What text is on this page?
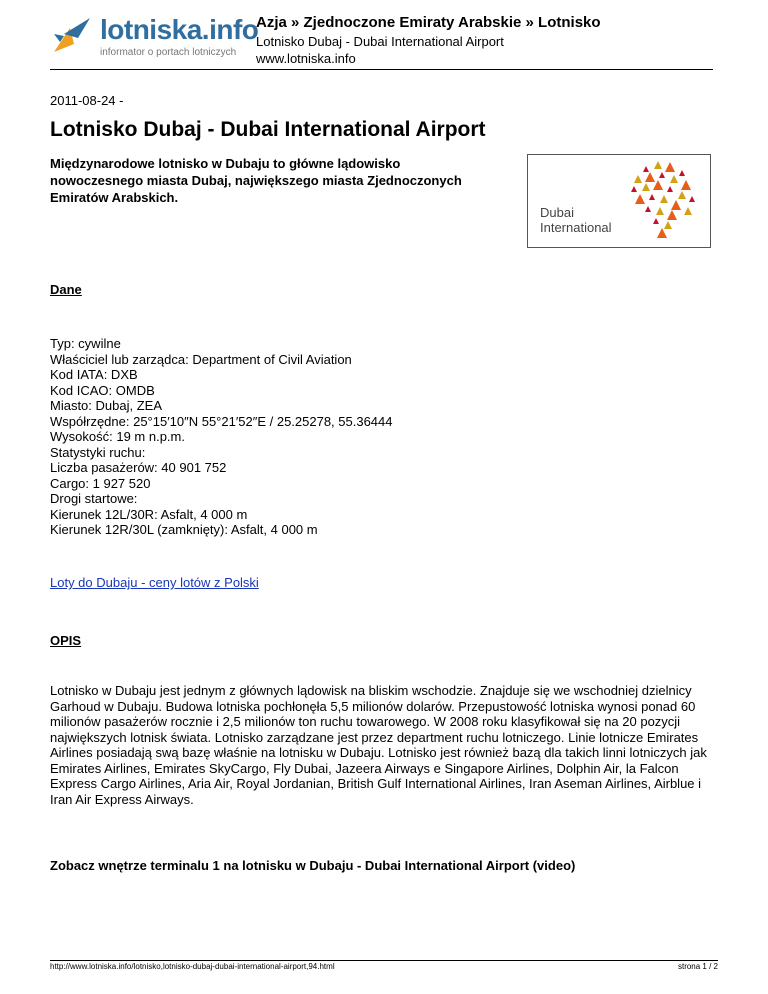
lotniska.info
informator o portach lotniczych
Azja » Zjednoczone Emiraty Arabskie » Lotnisko
Lotnisko Dubaj - Dubai International Airport
www.lotniska.info
2011-08-24 -
Lotnisko Dubaj - Dubai International Airport
Międzynarodowe lotnisko w Dubaju to główne lądowisko nowoczesnego miasta Dubaj, największego miasta Zjednoczonych Emiratów Arabskich.
Dubai
International
Dane
Typ: cywilne
Właściciel lub zarządca: Department of Civil Aviation
Kod IATA: DXB
Kod ICAO: OMDB
Miasto: Dubaj, ZEA
Współrzędne: 25°15′10″N 55°21′52″E / 25.25278, 55.36444
Wysokość: 19 m n.p.m.
Statystyki ruchu:
Liczba pasażerów: 40 901 752
Cargo: 1 927 520
Drogi startowe:
Kierunek 12L/30R: Asfalt, 4 000 m
Kierunek 12R/30L (zamknięty): Asfalt, 4 000 m
Loty do Dubaju - ceny lotów z Polski
OPIS
Lotnisko w Dubaju jest jednym z głównych lądowisk na bliskim wschodzie. Znajduje się we wschodniej dzielnicy Garhoud w Dubaju. Budowa lotniska pochłonęła 5,5 milionów dolarów. Przepustowość lotniska wynosi ponad 60 milionów pasażerów rocznie i 2,5 milionów ton ruchu towarowego. W 2008 roku klasyfikował się na 20 pozycji największych lotnisk świata. Lotnisko zarządzane jest przez department ruchu lotniczego. Linie lotnicze Emirates Airlines posiadają swą bazę właśnie na lotnisku w Dubaju. Lotnisko jest również bazą dla takich linni lotniczych jak Emirates Airlines, Emirates SkyCargo, Fly Dubai, Jazeera Airways e Singapore Airlines, Dolphin Air, la Falcon Express Cargo Airlines, Aria Air, Royal Jordanian, British Gulf International Airlines, Iran Aseman Airlines, Airblue i Iran Air Express Airways.
Zobacz wnętrze terminalu 1 na lotnisku w Dubaju - Dubai International Airport (video)
http://www.lotniska.info/lotnisko,lotnisko-dubaj-dubai-international-airport,94.html	strona 1 / 2
